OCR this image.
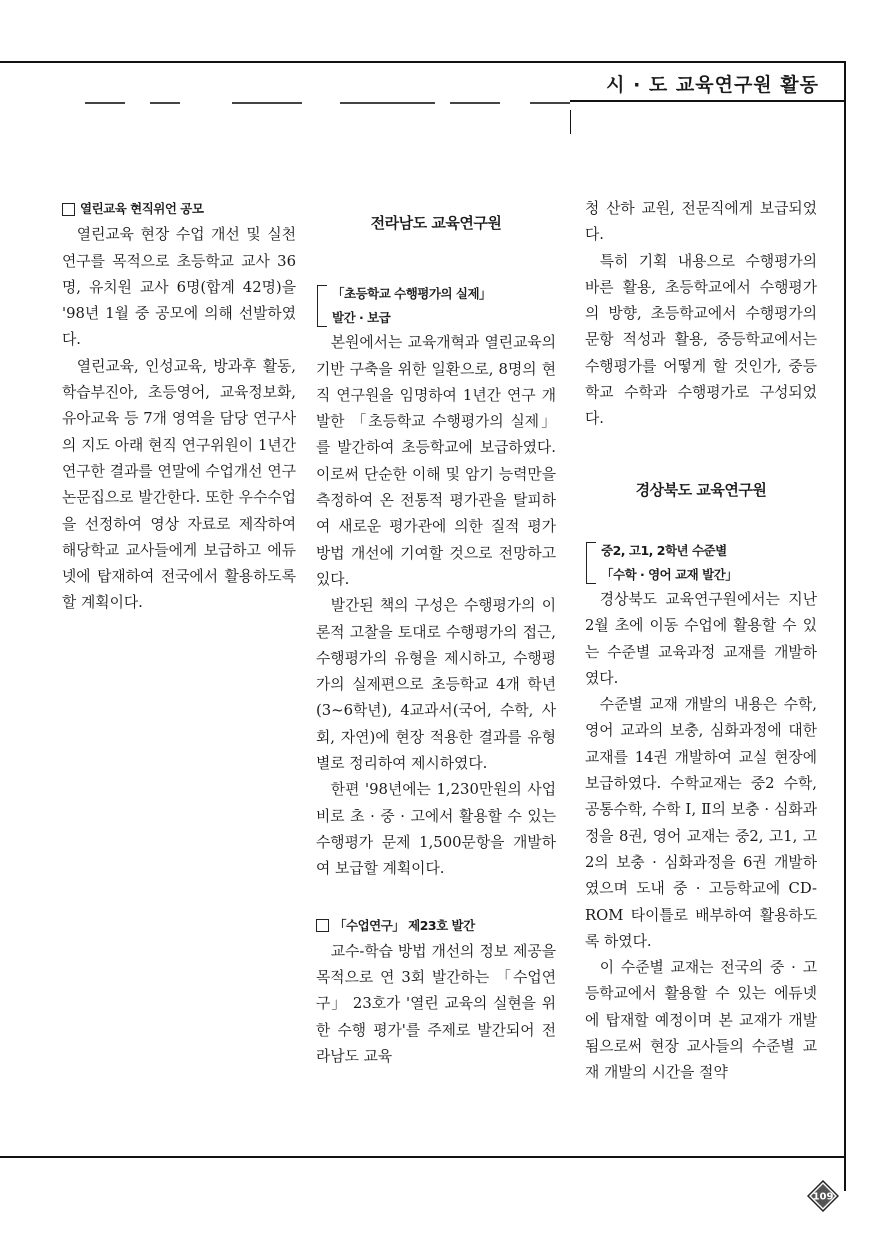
시 · 도 교육연구원 활동
열린교육 현직위언 공모

열린교육 현장 수업 개선 및 실천 연구를 목적으로 초등학교 교사 36명, 유치원 교사 6명(합계 42명)을 '98년 1월 중 공모에 의해 선발하였다.

열린교육, 인성교육, 방과후 활동, 학습부진아, 초등영어, 교육정보화, 유아교육 등 7개 영역을 담당 연구사의 지도 아래 현직 연구위원이 1년간 연구한 결과를 연말에 수업개선 연구 논문집으로 발간한다. 또한 우수수업을 선정하여 영상 자료로 제작하여 해당학교 교사들에게 보급하고 에듀넷에 탑재하여 전국에서 활용하도록 할 계획이다.

전라남도 교육연구원
「초등학교 수행평가의 실제」
발간 · 보급

본원에서는 교육개혁과 열린교육의 기반 구축을 위한 일환으로, 8명의 현직 연구원을 임명하여 1년간 연구 개발한 「초등학교 수행평가의 실제」를 발간하여 초등학교에 보급하였다. 이로써 단순한 이해 및 암기 능력만을 측정하여 온 전통적 평가관을 탈피하여 새로운 평가관에 의한 질적 평가 방법 개선에 기여할 것으로 전망하고 있다.

발간된 책의 구성은 수행평가의 이론적 고찰을 토대로 수행평가의 접근, 수행평가의 유형을 제시하고, 수행평가의 실제편으로 초등학교 4개 학년(3~6학년), 4교과서(국어, 수학, 사회, 자연)에 현장 적용한 결과를 유형별로 정리하여 제시하였다.

한편 '98년에는 1,230만원의 사업비로 초 · 중 · 고에서 활용할 수 있는 수행평가 문제 1,500문항을 개발하여 보급할 계획이다.

「수업연구」 제23호 발간

교수-학습 방법 개선의 정보 제공을 목적으로 연 3회 발간하는 「수업연구」 23호가 '열린 교육의 실현을 위한 수행 평가'를 주제로 발간되어 전라남도 교육

청 산하 교원, 전문직에게 보급되었다.

특히 기획 내용으로 수행평가의 바른 활용, 초등학교에서 수행평가의 방향, 초등학교에서 수행평가의 문항 적성과 활용, 중등학교에서는 수행평가를 어떻게 할 것인가, 중등학교 수학과 수행평가로 구성되었다.

경상북도 교육연구원
중2, 고1, 2학년 수준별
「수학 · 영어 교재 발간」

경상북도 교육연구원에서는 지난 2월 초에 이동 수업에 활용할 수 있는 수준별 교육과정 교재를 개발하였다.

수준별 교재 개발의 내용은 수학, 영어 교과의 보충, 심화과정에 대한 교재를 14권 개발하여 교실 현장에 보급하였다. 수학교재는 중2 수학, 공통수학, 수학 Ⅰ, Ⅱ의 보충 · 심화과정을 8권, 영어 교재는 중2, 고1, 고2의 보충 · 심화과정을 6권 개발하였으며 도내 중 · 고등학교에 CD-ROM 타이틀로 배부하여 활용하도록 하였다.

이 수준별 교재는 전국의 중 · 고등학교에서 활용할 수 있는 에듀넷에 탑재할 예정이며 본 교재가 개발됨으로써 현장 교사들의 수준별 교재 개발의 시간을 절약

109
